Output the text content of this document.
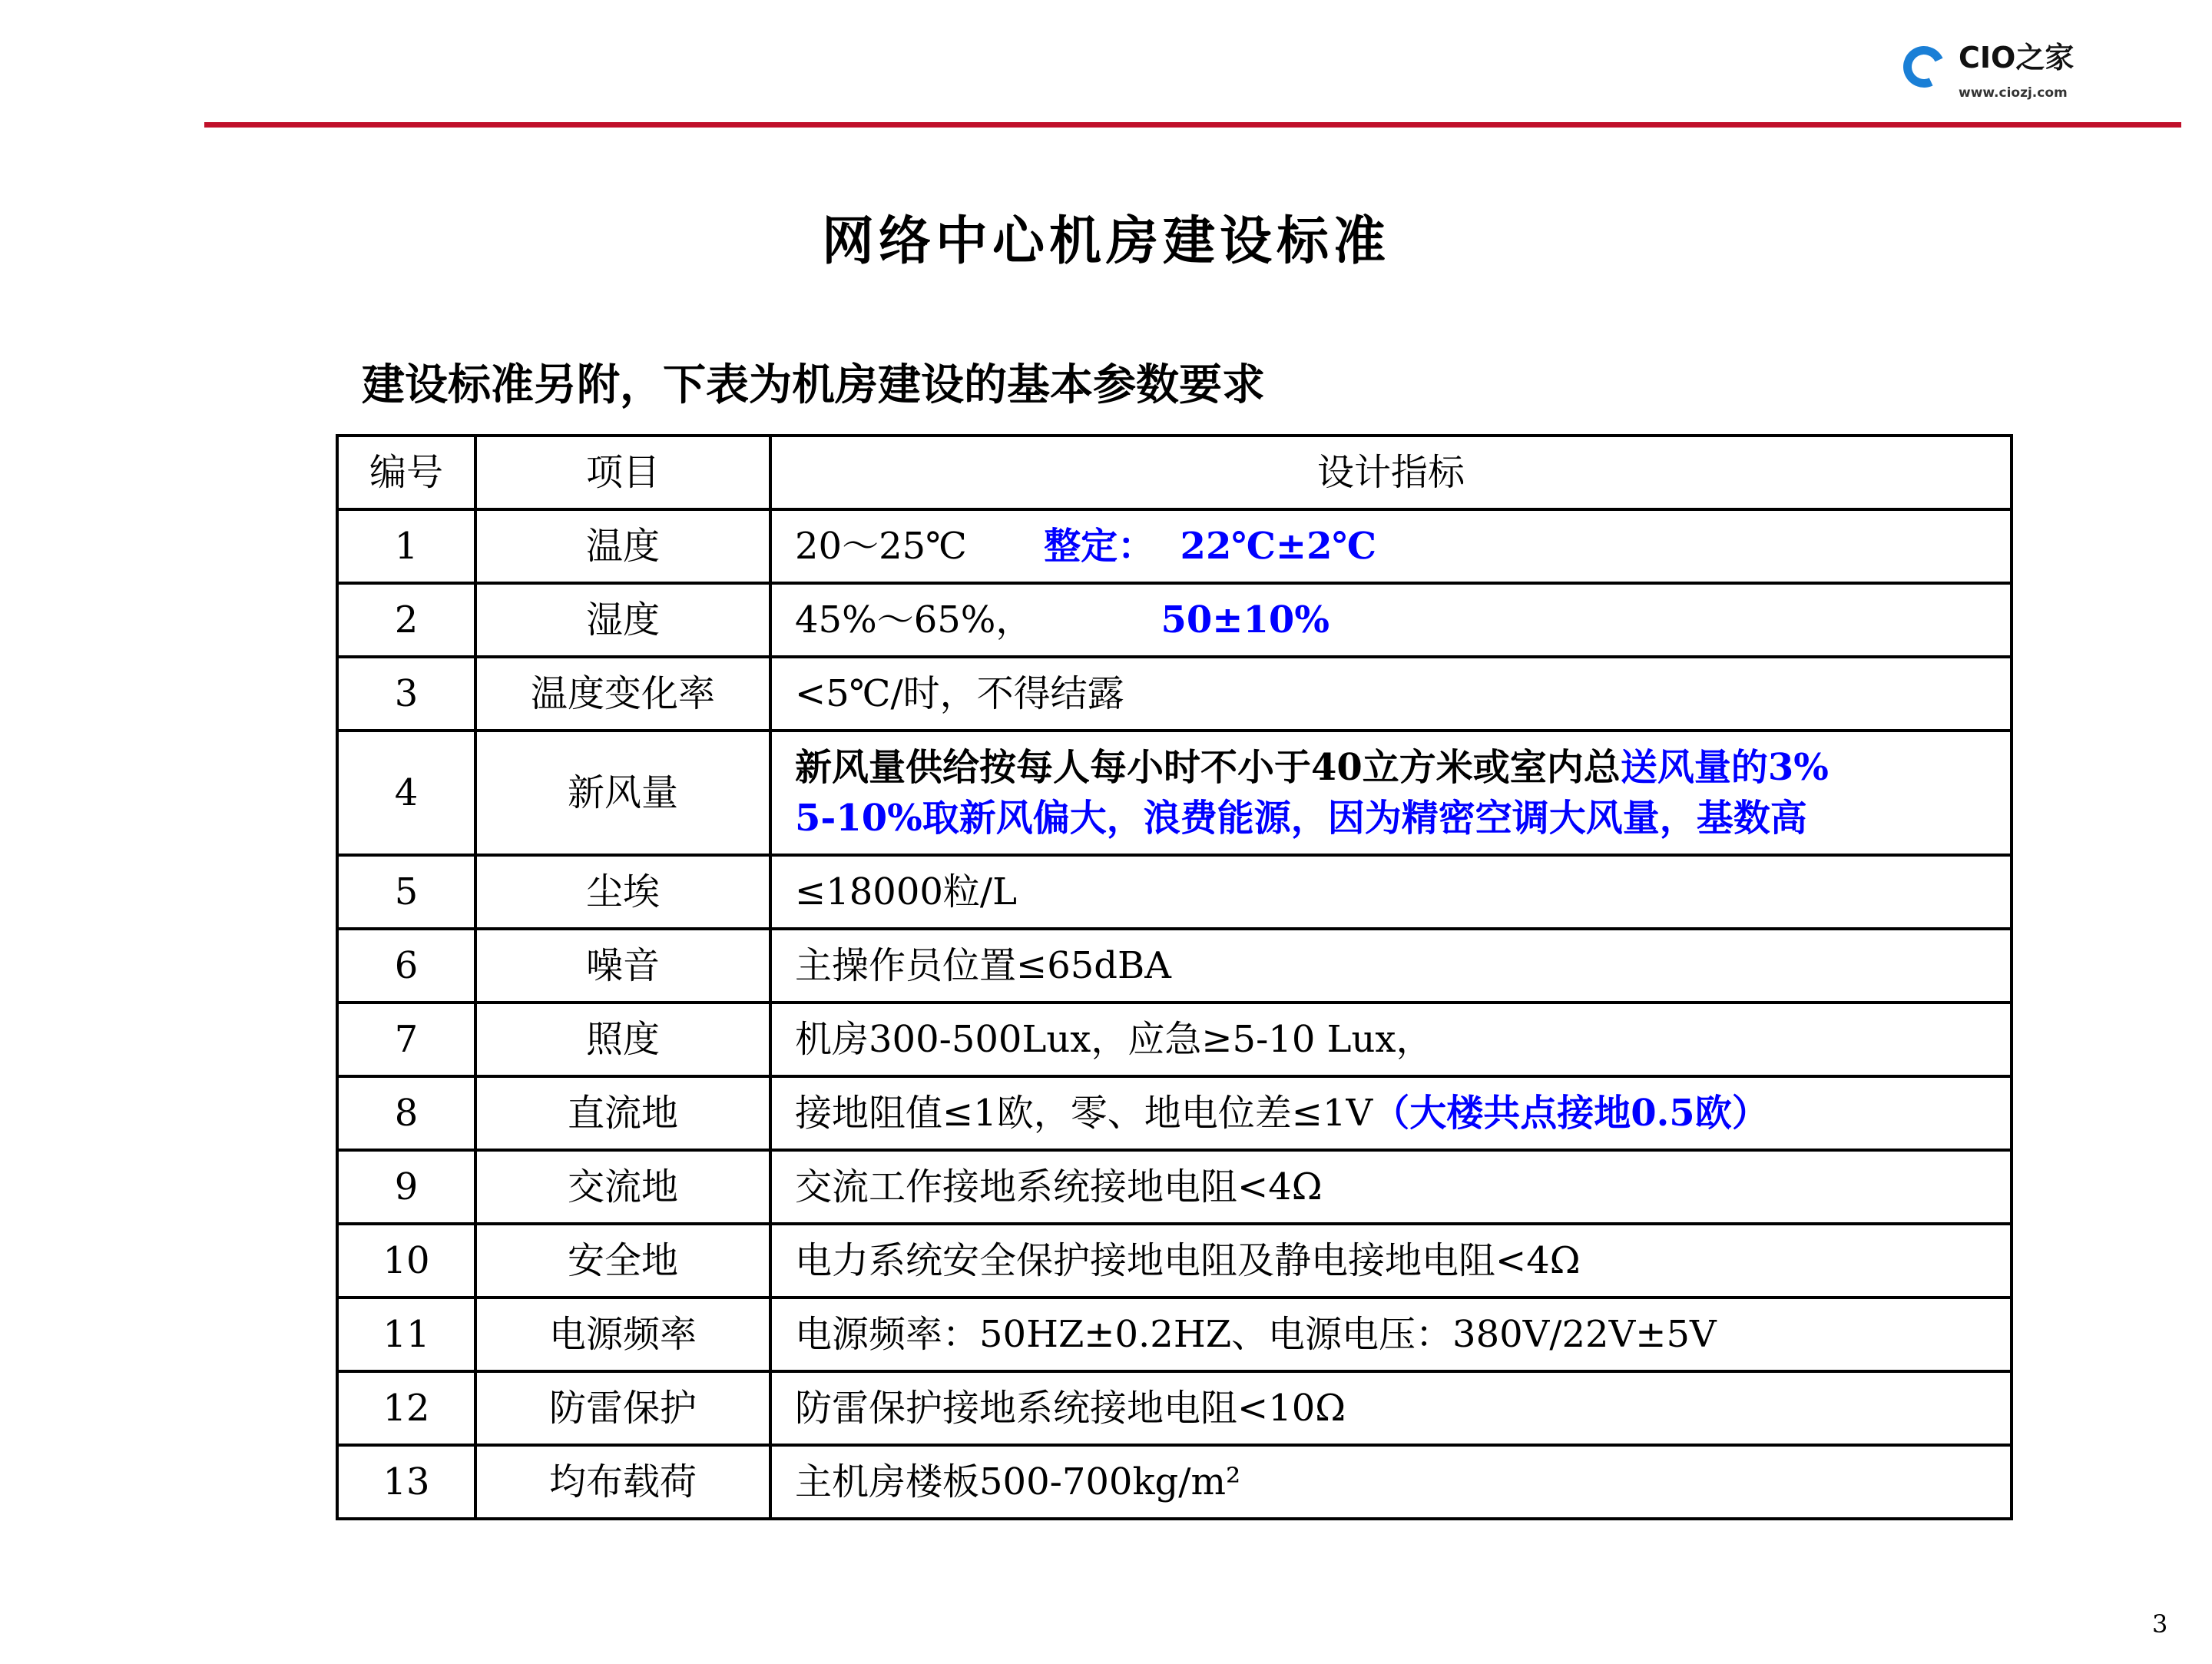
CIO之家
www.ciozj.com
网络中心机房建设标准
建设标准另附，下表为机房建设的基本参数要求
编号	项目	设计指标
1	温度	20～25℃      整定：  22℃±2℃
2	湿度	45%～65%，          50±10%
3	温度变化率	<5℃/时，不得结露
4	新风量	新风量供给按每人每小时不小于40立方米或室内总送风量的3%
5-10%取新风偏大，浪费能源，因为精密空调大风量，基数高
5	尘埃	≤18000粒/L
6	噪音	主操作员位置≤65dBA
7	照度	机房300-500Lux，应急≥5-10 Lux，
8	直流地	接地阻值≤1欧，零、地电位差≤1V（大楼共点接地0.5欧）
9	交流地	交流工作接地系统接地电阻<4Ω
10	安全地	电力系统安全保护接地电阻及静电接地电阻<4Ω
11	电源频率	电源频率：50HZ±0.2HZ、电源电压：380V/22V±5V
12	防雷保护	防雷保护接地系统接地电阻<10Ω
13	均布载荷	主机房楼板500-700kg/m²
3
